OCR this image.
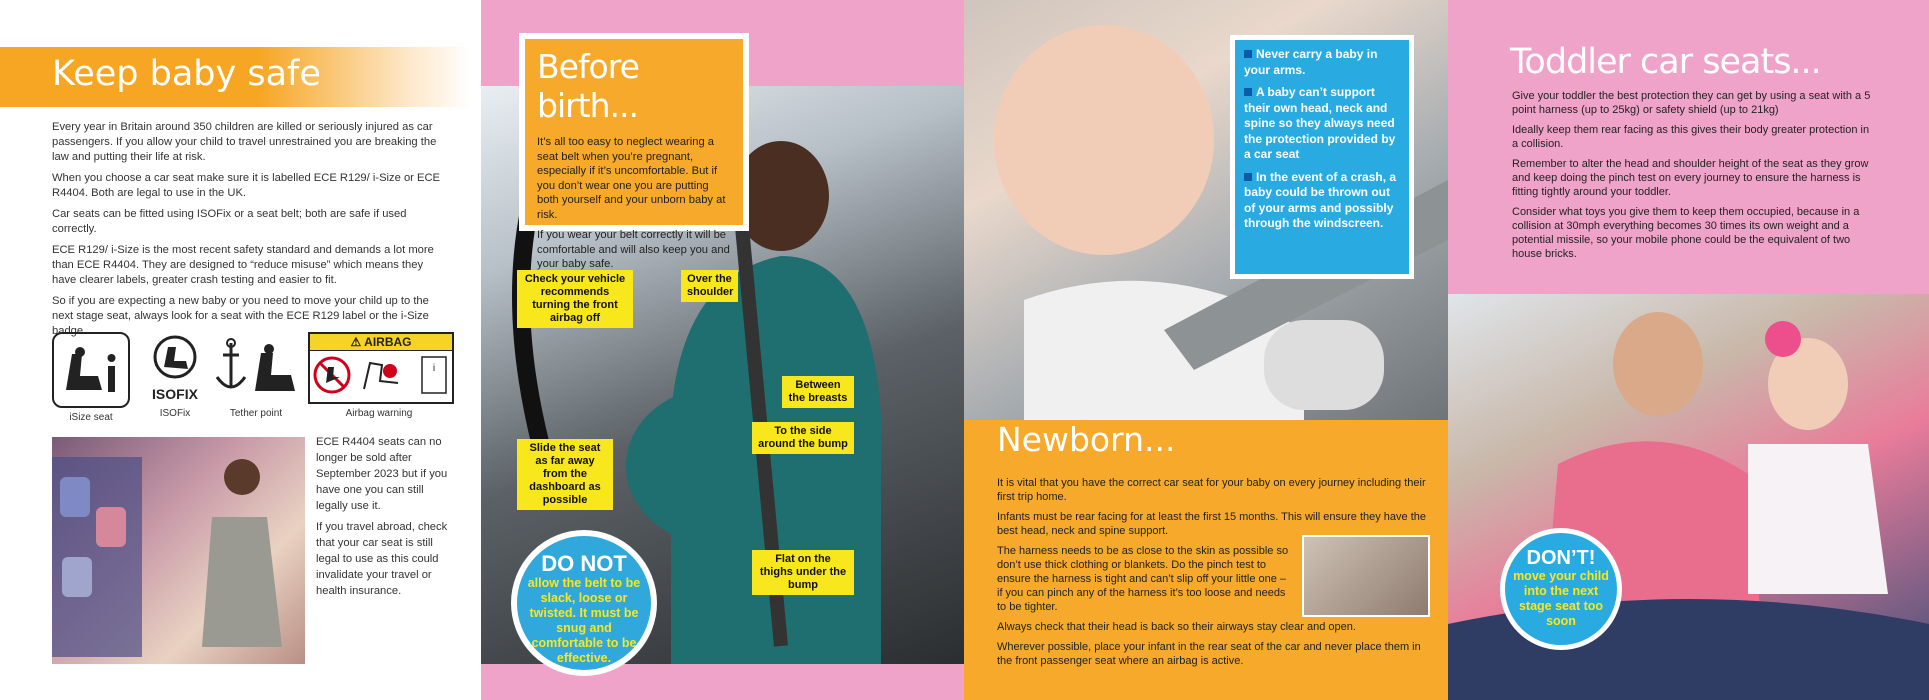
Keep baby safe

Every year in Britain around 350 children are killed or seriously injured as car passengers. If you allow your child to travel unrestrained you are breaking the law and putting their life at risk.

When you choose a car seat make sure it is labelled ECE R129/ i-Size or ECE R4404. Both are legal to use in the UK.

Car seats can be fitted using ISOFix or a seat belt; both are safe if used correctly.

ECE R129/ i-Size is the most recent safety standard and demands a lot more than ECE R4404. They are designed to “reduce misuse” which means they have clearer labels, greater crash testing and easier to fit.

So if you are expecting a new baby or you need to move your child up to the next stage seat, always look for a seat with the ECE R129 label or the i-Size badge.

iSize seat
ISOFIX
ISOFix	Tether point
⚠ AIRBAG
i
Airbag warning

ECE R4404 seats can no longer be sold after September 2023 but if you have one you can still legally use it.

If you travel abroad, check that your car seat is still legal to use as this could invalidate your travel or health insurance.

Before birth...

It’s all too easy to neglect wearing a seat belt when you’re pregnant, especially if it’s uncomfortable. But if you don’t wear one you are putting both yourself and your unborn baby at risk.

If you wear your belt correctly it will be comfortable and will also keep you and your baby safe.

Check your vehicle recommends turning the front airbag off
Over the shoulder
Between the breasts
To the side around the bump
Slide the seat as far away from the dashboard as possible
Flat on the thighs under the bump
DO NOT
allow the belt to be slack, loose or twisted. It must be snug and comfortable to be effective.

Never carry a baby in your arms.

A baby can’t support their own head, neck and spine so they always need the protection provided by a car seat

In the event of a crash, a baby could be thrown out of your arms and possibly through the windscreen.

Newborn...

It is vital that you have the correct car seat for your baby on every journey including their first trip home.

Infants must be rear facing for at least the first 15 months. This will ensure they have the best head, neck and spine support.

The harness needs to be as close to the skin as possible so don’t use thick clothing or blankets. Do the pinch test to ensure the harness is tight and can’t slip off your little one – if you can pinch any of the harness it’s too loose and needs to be tighter.

Always check that their head is back so their airways stay clear and open.

Wherever possible, place your infant in the rear seat of the car and never place them in the front passenger seat where an airbag is active.

Toddler car seats...

Give your toddler the best protection they can get by using a seat with a 5 point harness (up to 25kg) or safety shield (up to 21kg)

Ideally keep them rear facing as this gives their body greater protection in a collision.

Remember to alter the head and shoulder height of the seat as they grow and keep doing the pinch test on every journey to ensure the harness is fitting tightly around your toddler.

Consider what toys you give them to keep them occupied, because in a collision at 30mph everything becomes 30 times its own weight and a potential missile, so your mobile phone could be the equivalent of two house bricks.

DON’T!
move your child into the next stage seat too soon
